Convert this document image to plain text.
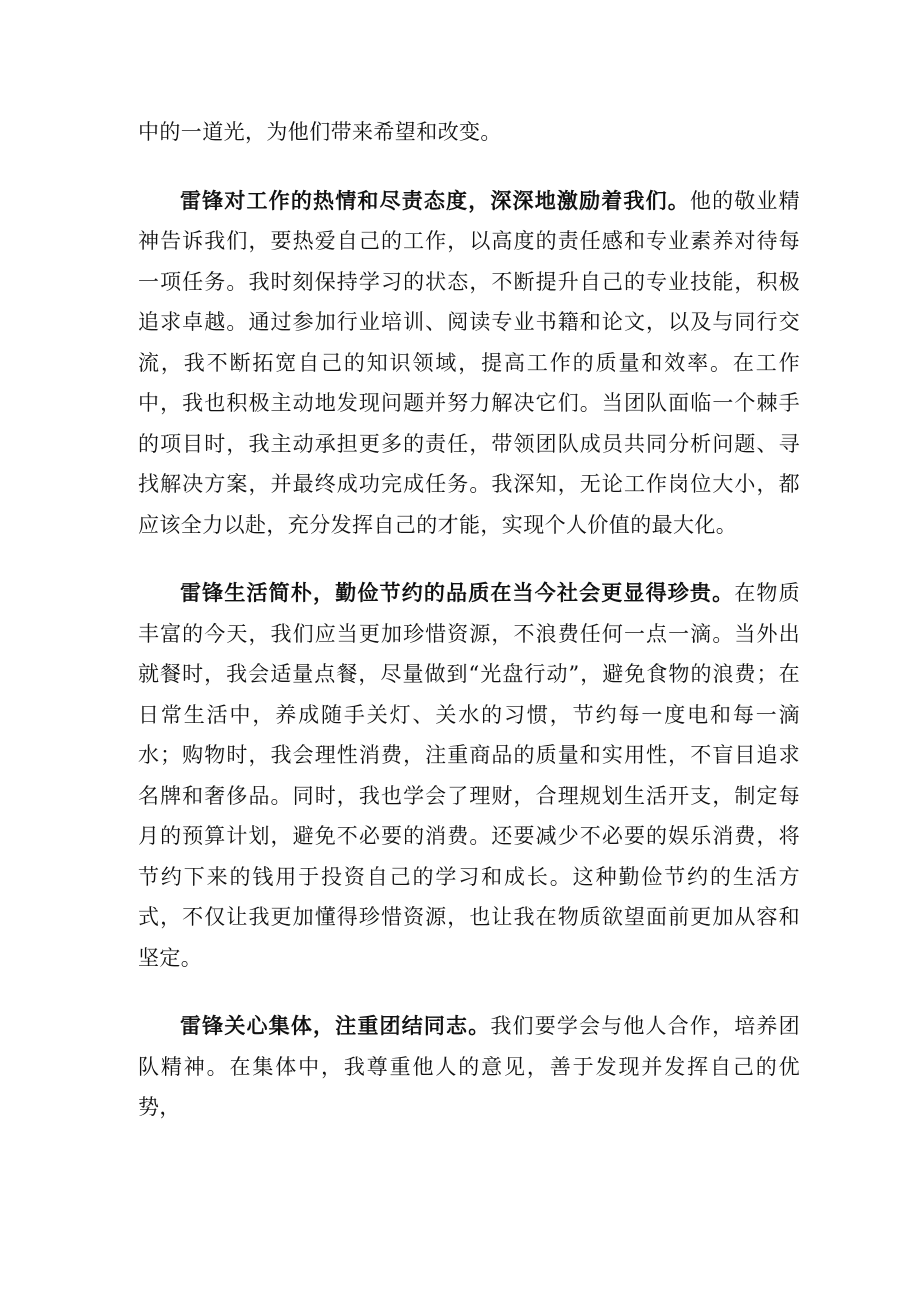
中的一道光，为他们带来希望和改变。

雷锋对工作的热情和尽责态度，深深地激励着我们。他的敬业精神告诉我们，要热爱自己的工作，以高度的责任感和专业素养对待每一项任务。我时刻保持学习的状态，不断提升自己的专业技能，积极追求卓越。通过参加行业培训、阅读专业书籍和论文，以及与同行交流，我不断拓宽自己的知识领域，提高工作的质量和效率。在工作中，我也积极主动地发现问题并努力解决它们。当团队面临一个棘手的项目时，我主动承担更多的责任，带领团队成员共同分析问题、寻找解决方案，并最终成功完成任务。我深知，无论工作岗位大小，都应该全力以赴，充分发挥自己的才能，实现个人价值的最大化。

雷锋生活简朴，勤俭节约的品质在当今社会更显得珍贵。在物质丰富的今天，我们应当更加珍惜资源，不浪费任何一点一滴。当外出就餐时，我会适量点餐，尽量做到“光盘行动”，避免食物的浪费；在日常生活中，养成随手关灯、关水的习惯，节约每一度电和每一滴水；购物时，我会理性消费，注重商品的质量和实用性，不盲目追求名牌和奢侈品。同时，我也学会了理财，合理规划生活开支，制定每月的预算计划，避免不必要的消费。还要减少不必要的娱乐消费，将节约下来的钱用于投资自己的学习和成长。这种勤俭节约的生活方式，不仅让我更加懂得珍惜资源，也让我在物质欲望面前更加从容和坚定。

雷锋关心集体，注重团结同志。我们要学会与他人合作，培养团队精神。在集体中，我尊重他人的意见，善于发现并发挥自己的优势，
